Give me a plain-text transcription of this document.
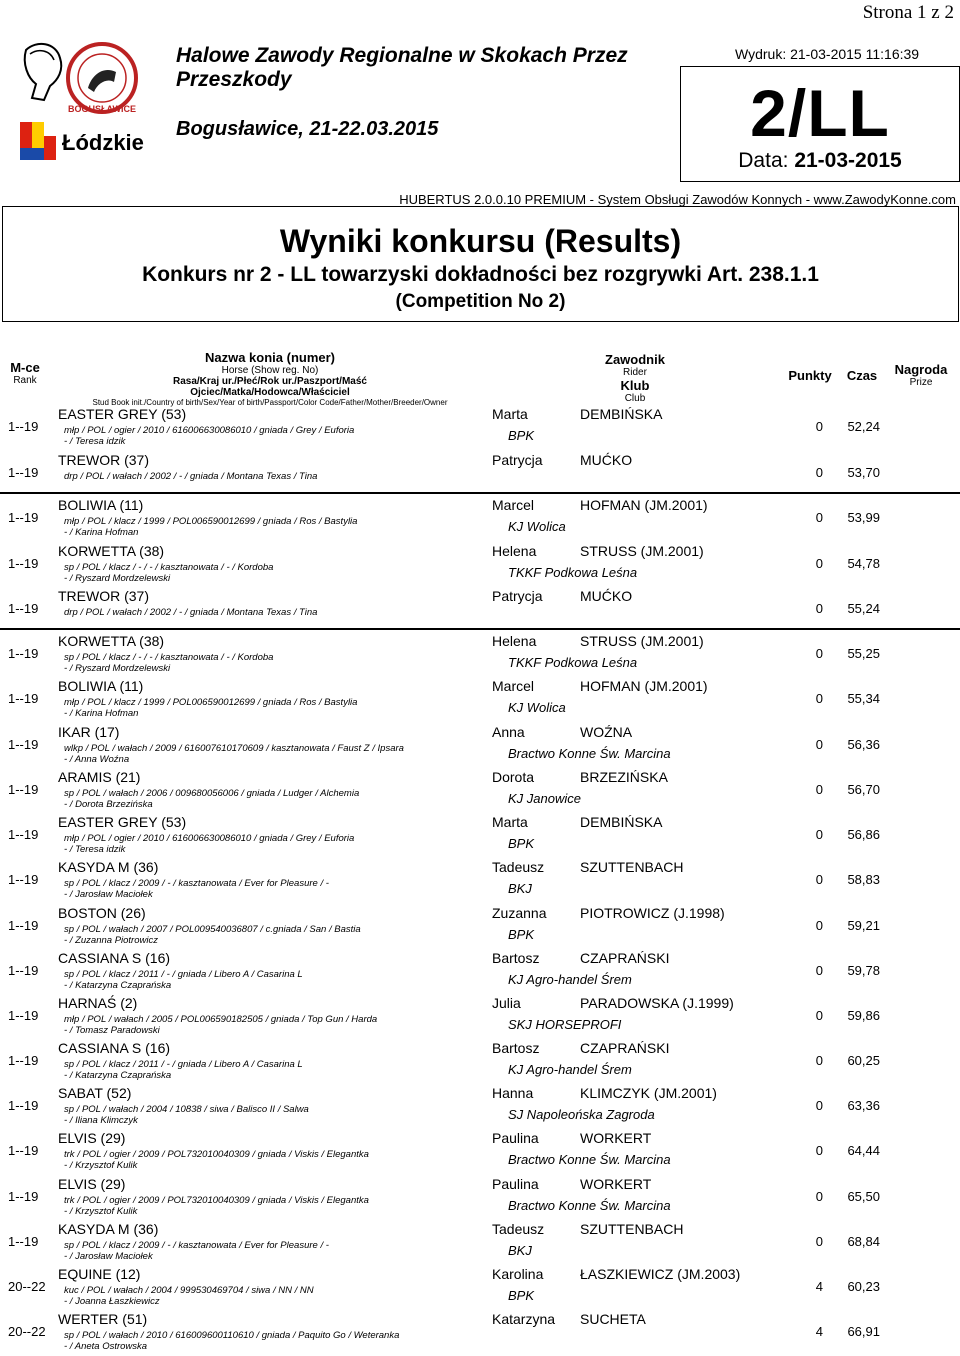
Strona 1 z 2
BOGUSŁAWICE
Łódzkie
Halowe Zawody Regionalne w Skokach Przez Przeszkody
Bogusławice, 21-22.03.2015
Wydruk: 21-03-2015 11:16:39
2/LL
Data: 21-03-2015
HUBERTUS 2.0.0.10 PREMIUM - System Obsługi Zawodów Konnych - www.ZawodyKonne.com
Wyniki konkursu (Results)
Konkurs nr 2 - LL towarzyski dokładności bez rozgrywki Art. 238.1.1
(Competition No 2)
M-ce
Rank
Nazwa konia (numer)
Horse (Show reg. No)
Rasa/Kraj ur./Płeć/Rok ur./Paszport/Maść
Ojciec/Matka/Hodowca/Właściciel
Stud Book init./Country of birth/Sex/Year of birth/Passport/Color Code/Father/Mother/Breeder/Owner
Zawodnik
Rider
Klub
Club
Punkty	Czas	Nagroda
Prize
1--19
EASTER GREY (53)
młp / POL / ogier / 2010 / 616006630086010 / gniada / Grey / Euforia
- / Teresa idzik
Marta	DEMBIŃSKA
BPK
0	52,24
1--19
TREWOR (37)
drp / POL / wałach / 2002 / - / gniada / Montana Texas / Tina
Patrycja	MUĆKO
0	53,70
1--19
BOLIWIA (11)
młp / POL / klacz / 1999 / POL006590012699 / gniada / Ros / Bastylia
- / Karina Hofman
Marcel	HOFMAN (JM.2001)
KJ Wolica
0	53,99
1--19
KORWETTA (38)
sp / POL / klacz / - / - / kasztanowata / - / Kordoba
- / Ryszard Mordzelewski
Helena	STRUSS (JM.2001)
TKKF Podkowa Leśna
0	54,78
1--19
TREWOR (37)
drp / POL / wałach / 2002 / - / gniada / Montana Texas / Tina
Patrycja	MUĆKO
0	55,24
1--19
KORWETTA (38)
sp / POL / klacz / - / - / kasztanowata / - / Kordoba
- / Ryszard Mordzelewski
Helena	STRUSS (JM.2001)
TKKF Podkowa Leśna
0	55,25
1--19
BOLIWIA (11)
młp / POL / klacz / 1999 / POL006590012699 / gniada / Ros / Bastylia
- / Karina Hofman
Marcel	HOFMAN (JM.2001)
KJ Wolica
0	55,34
1--19
IKAR (17)
wlkp / POL / wałach / 2009 / 616007610170609 / kasztanowata / Faust Z / Ipsara
- / Anna Woźna
Anna	WOŹNA
Bractwo Konne Św. Marcina
0	56,36
1--19
ARAMIS (21)
sp / POL / wałach / 2006 / 009680056006 / gniada / Ludger / Alchemia
- / Dorota Brzezińska
Dorota	BRZEZIŃSKA
KJ Janowice
0	56,70
1--19
EASTER GREY (53)
młp / POL / ogier / 2010 / 616006630086010 / gniada / Grey / Euforia
- / Teresa idzik
Marta	DEMBIŃSKA
BPK
0	56,86
1--19
KASYDA M (36)
sp / POL / klacz / 2009 / - / kasztanowata / Ever for Pleasure / -
- / Jarosław Maciołek
Tadeusz	SZUTTENBACH
BKJ
0	58,83
1--19
BOSTON (26)
sp / POL / wałach / 2007 / POL009540036807 / c.gniada / San / Bastia
- / Zuzanna Piotrowicz
Zuzanna PIOTROWICZ (J.1998)
BPK
0	59,21
1--19
CASSIANA S (16)
sp / POL / klacz / 2011 / - / gniada / Libero A / Casarina L
- / Katarzyna Czaprańska
Bartosz	CZAPRAŃSKI
KJ Agro-handel Śrem
0	59,78
1--19
HARNAŚ (2)
młp / POL / wałach / 2005 / POL006590182505 / gniada / Top Gun / Harda
- / Tomasz Paradowski
Julia	PARADOWSKA (J.1999)
SKJ HORSEPROFI
0	59,86
1--19
CASSIANA S (16)
sp / POL / klacz / 2011 / - / gniada / Libero A / Casarina L
- / Katarzyna Czaprańska
Bartosz	CZAPRAŃSKI
KJ Agro-handel Śrem
0	60,25
1--19
SABAT (52)
sp / POL / wałach / 2004 / 10838 / siwa / Balisco II / Salwa
- / Iliana Klimczyk
Hanna	KLIMCZYK (JM.2001)
SJ Napoleońska Zagroda
0	63,36
1--19
ELVIS (29)
trk / POL / ogier / 2009 / POL732010040309 / gniada / Viskis / Elegantka
- / Krzysztof Kulik
Paulina	WORKERT
Bractwo Konne Św. Marcina
0	64,44
1--19
ELVIS (29)
trk / POL / ogier / 2009 / POL732010040309 / gniada / Viskis / Elegantka
- / Krzysztof Kulik
Paulina	WORKERT
Bractwo Konne Św. Marcina
0	65,50
1--19
KASYDA M (36)
sp / POL / klacz / 2009 / - / kasztanowata / Ever for Pleasure / -
- / Jarosław Maciołek
Tadeusz	SZUTTENBACH
BKJ
0	68,84
20--22
EQUINE (12)
kuc / POL / wałach / 2004 / 999530469704 / siwa / NN / NN
- / Joanna Łaszkiewicz
Karolina	ŁASZKIEWICZ (JM.2003)
BPK
4	60,23
20--22
WERTER (51)
sp / POL / wałach / 2010 / 616009600110610 / gniada / Paquito Go / Weteranka
- / Aneta Ostrowska
Katarzyna SUCHETA
4	66,91
